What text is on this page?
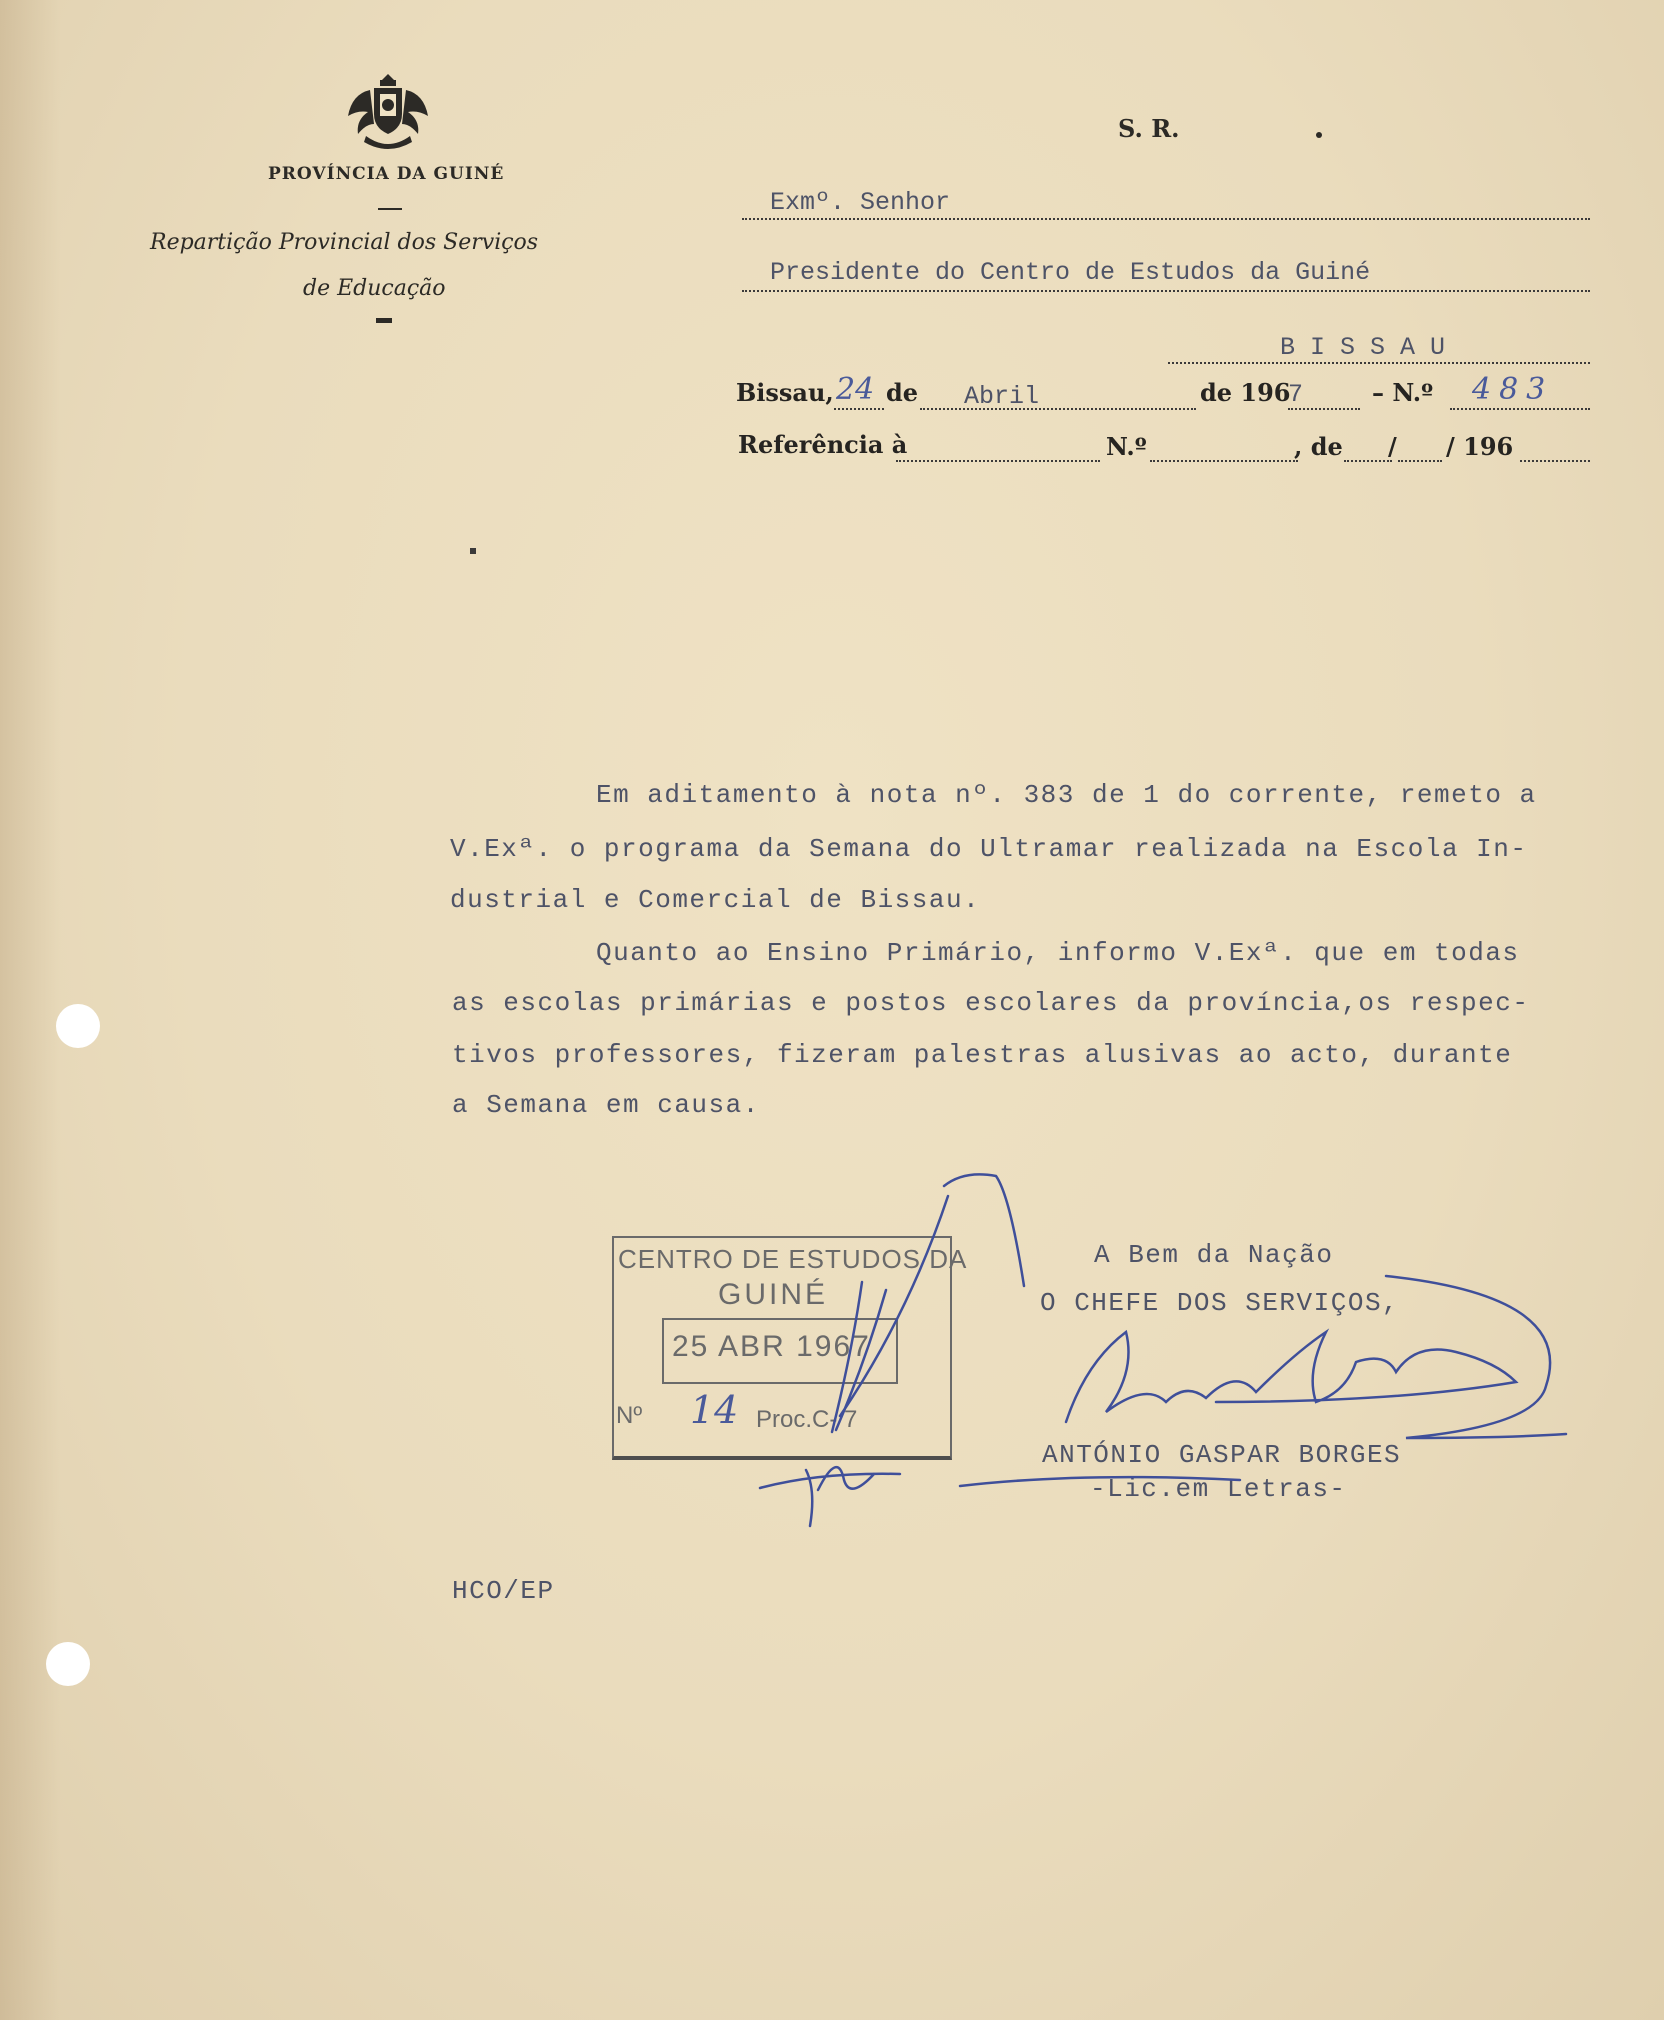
PROVÍNCIA DA GUINÉ
Repartição Provincial dos Serviços
de Educação
S. R.
Exmº. Senhor
Presidente do Centro de Estudos da Guiné
B I S S A U
Bissau, 24 de Abril	de 196
7	– N.º 483
Referência à	N.º	, de / / 196
Em aditamento à nota nº. 383 de 1 do corrente, remeto a
V.Exª. o programa da Semana do Ultramar realizada na Escola In-
dustrial e Comercial de Bissau.
Quanto ao Ensino Primário, informo V.Exª. que em todas
as escolas primárias e postos escolares da província,os respec-
tivos professores, fizeram palestras alusivas ao acto, durante
a Semana em causa.
CENTRO DE ESTUDOS DA
GUINÉ
25 ABR 1967
Nº 14 Proc.C- 7
A Bem da Nação
O CHEFE DOS SERVIÇOS,
ANTÓNIO GASPAR BORGES
-Lic.em Letras-
HCO/EP
